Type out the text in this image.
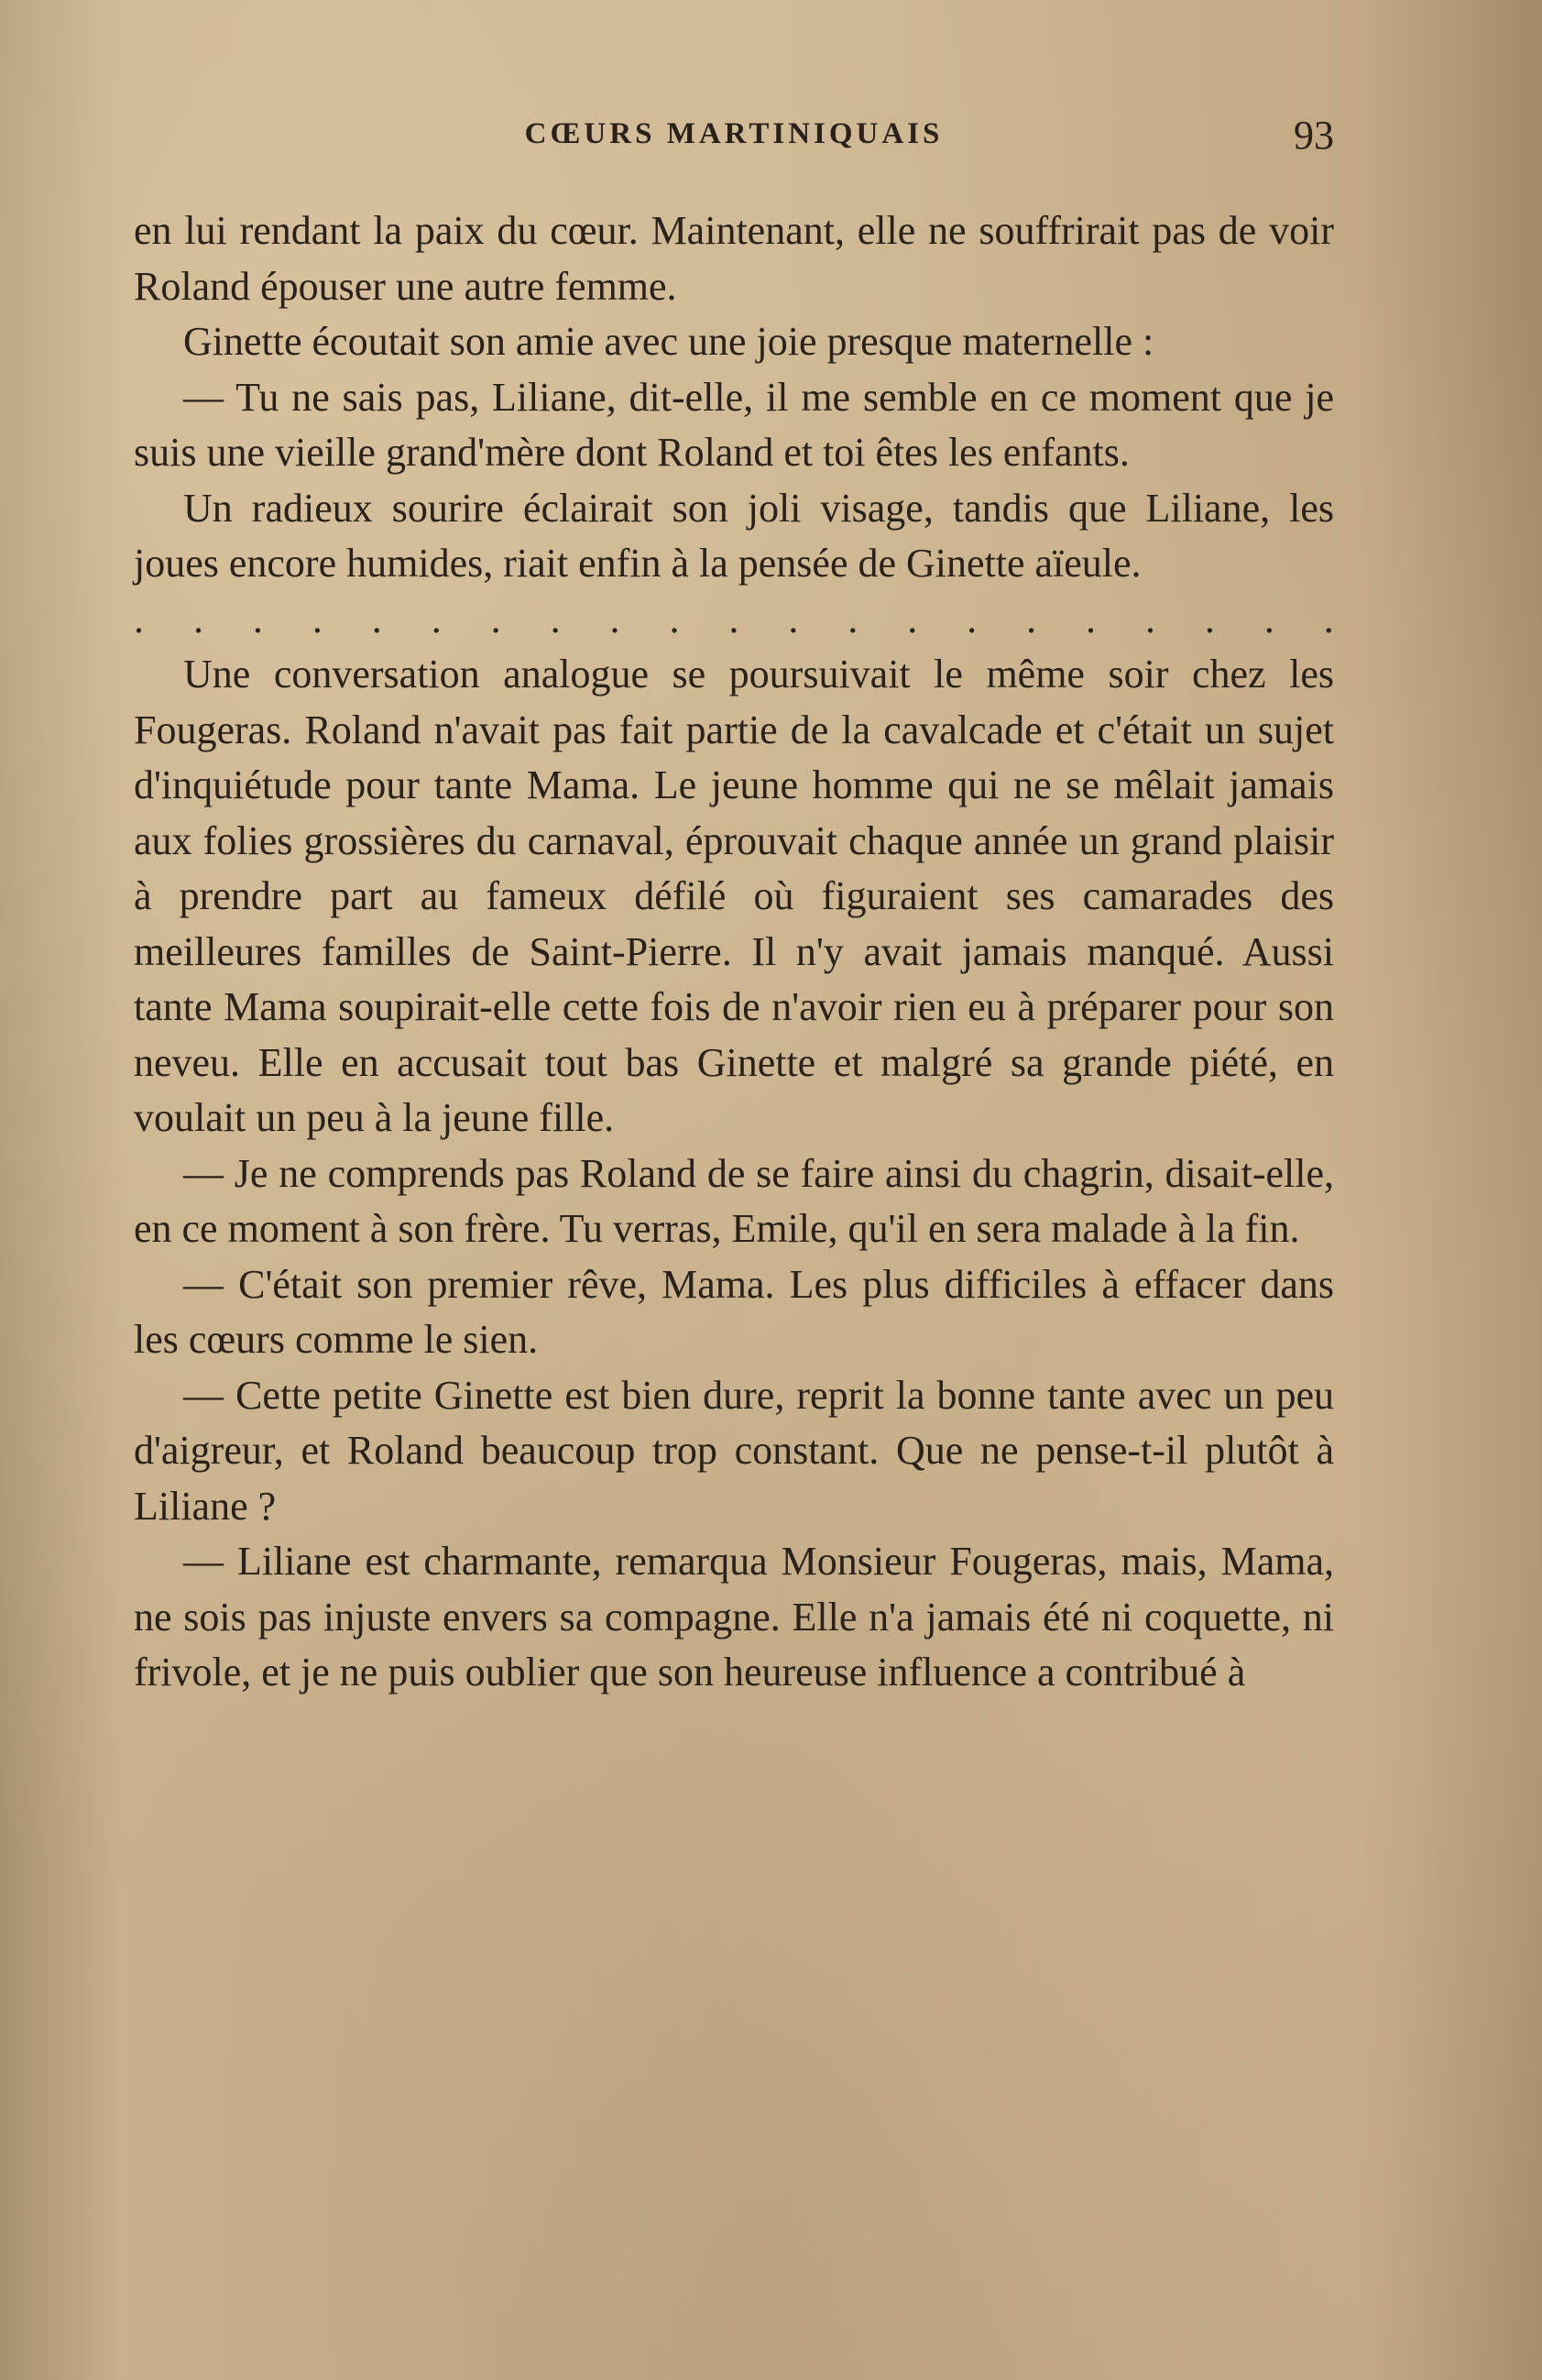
CŒURS MARTINIQUAIS	93

en lui rendant la paix du cœur. Maintenant, elle ne souffrirait pas de voir Roland épouser une autre femme.

Ginette écoutait son amie avec une joie presque maternelle :

— Tu ne sais pas, Liliane, dit-elle, il me semble en ce moment que je suis une vieille grand'mère dont Roland et toi êtes les enfants.

Un radieux sourire éclairait son joli visage, tandis que Liliane, les joues encore humides, riait enfin à la pensée de Ginette aïeule.

. . . . . . . . . . . . . . . . . . . . .

Une conversation analogue se poursuivait le même soir chez les Fougeras. Roland n'avait pas fait partie de la cavalcade et c'était un sujet d'inquiétude pour tante Mama. Le jeune homme qui ne se mêlait jamais aux folies grossières du carnaval, éprouvait chaque année un grand plaisir à prendre part au fameux défilé où figuraient ses camarades des meilleures familles de Saint-Pierre. Il n'y avait jamais manqué. Aussi tante Mama soupirait-elle cette fois de n'avoir rien eu à préparer pour son neveu. Elle en accusait tout bas Ginette et malgré sa grande piété, en voulait un peu à la jeune fille.

— Je ne comprends pas Roland de se faire ainsi du chagrin, disait-elle, en ce moment à son frère. Tu verras, Emile, qu'il en sera malade à la fin.

— C'était son premier rêve, Mama. Les plus difficiles à effacer dans les cœurs comme le sien.

— Cette petite Ginette est bien dure, reprit la bonne tante avec un peu d'aigreur, et Roland beaucoup trop constant. Que ne pense-t-il plutôt à Liliane ?

— Liliane est charmante, remarqua Monsieur Fougeras, mais, Mama, ne sois pas injuste envers sa compagne. Elle n'a jamais été ni coquette, ni frivole, et je ne puis oublier que son heureuse influence a contribué à
